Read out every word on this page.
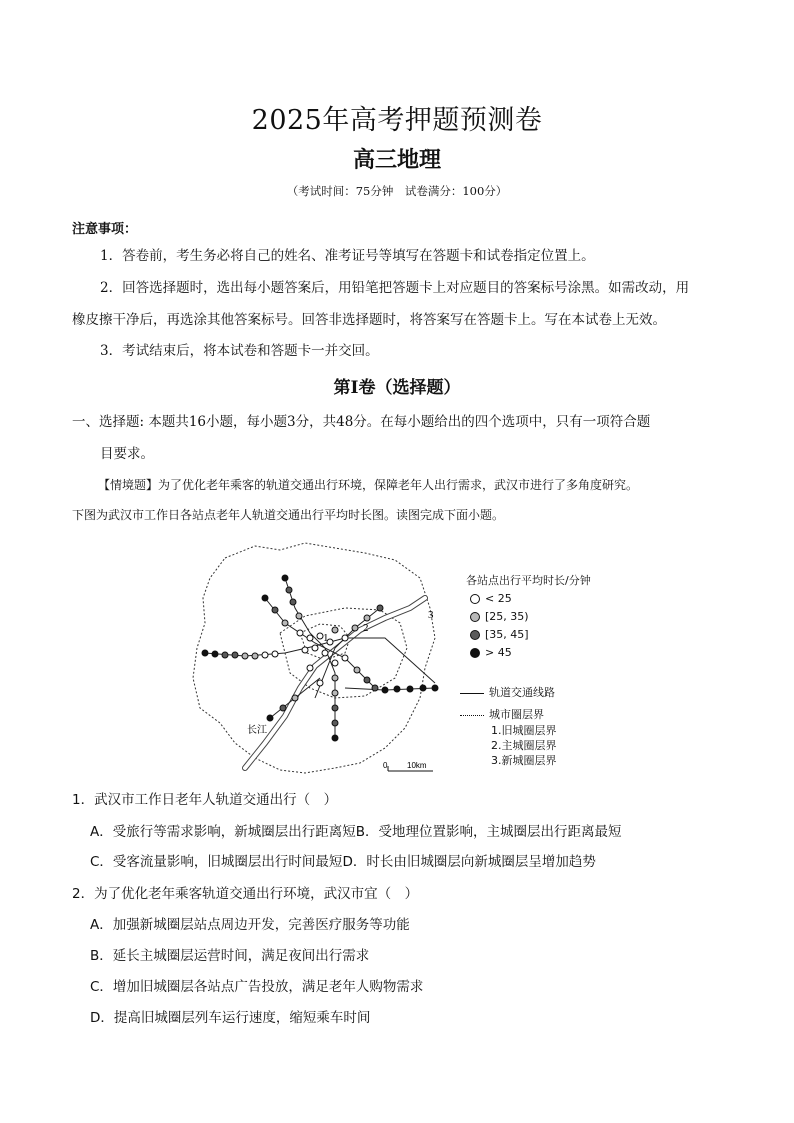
2025年高考押题预测卷
高三地理
（考试时间：75分钟　试卷满分：100分）
注意事项：
1．答卷前，考生务必将自己的姓名、准考证号等填写在答题卡和试卷指定位置上。
2．回答选择题时，选出每小题答案后，用铅笔把答题卡上对应题目的答案标号涂黑。如需改动，用
橡皮擦干净后，再选涂其他答案标号。回答非选择题时，将答案写在答题卡上。写在本试卷上无效。
3．考试结束后，将本试卷和答题卡一并交回。
第Ⅰ卷（选择题）
一、选择题: 本题共16小题，每小题3分，共48分。在每小题给出的四个选项中，只有一项符合题
目要求。
【情境题】为了优化老年乘客的轨道交通出行环境，保障老年人出行需求，武汉市进行了多角度研究。
下图为武汉市工作日各站点老年人轨道交通出行平均时长图。读图完成下面小题。
1
2
3
长江
0 10km
各站点出行平均时长/分钟
< 25
[25, 35)
[35, 45]
> 45
轨道交通线路
城市圈层界
1.旧城圈层界
2.主城圈层界
3.新城圈层界
1．武汉市工作日老年人轨道交通出行（　）
A．受旅行等需求影响，新城圈层出行距离短B．受地理位置影响，主城圈层出行距离最短
C．受客流量影响，旧城圈层出行时间最短D．时长由旧城圈层向新城圈层呈增加趋势
2．为了优化老年乘客轨道交通出行环境，武汉市宜（　）
A．加强新城圈层站点周边开发，完善医疗服务等功能
B．延长主城圈层运营时间，满足夜间出行需求
C．增加旧城圈层各站点广告投放，满足老年人购物需求
D．提高旧城圈层列车运行速度，缩短乘车时间
